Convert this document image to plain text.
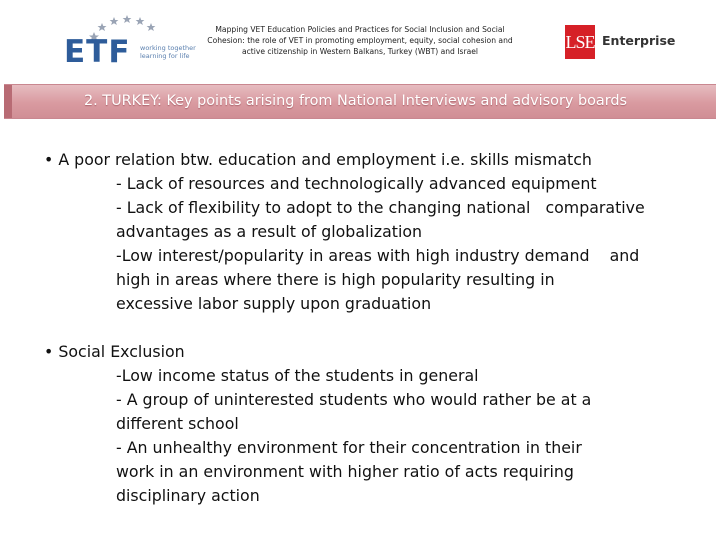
ETF working together
learning for life
Mapping VET Education Policies and Practices for Social Inclusion and Social
Cohesion: the role of VET in promoting employment, equity, social cohesion and
active citizenship in Western Balkans, Turkey (WBT) and Israel	LSE Enterprise
2. TURKEY: Key points arising from National Interviews and advisory boards
• A poor relation btw. education and employment i.e. skills mismatch
- Lack of resources and technologically advanced equipment
- Lack of flexibility to adopt to the changing national   comparative
advantages as a result of globalization
-Low interest/popularity in areas with high industry demand    and
high in areas where there is high popularity resulting in
excessive labor supply upon graduation
• Social Exclusion
-Low income status of the students in general
- A group of uninterested students who would rather be at a
different school
- An unhealthy environment for their concentration in their
work in an environment with higher ratio of acts requiring
disciplinary action
